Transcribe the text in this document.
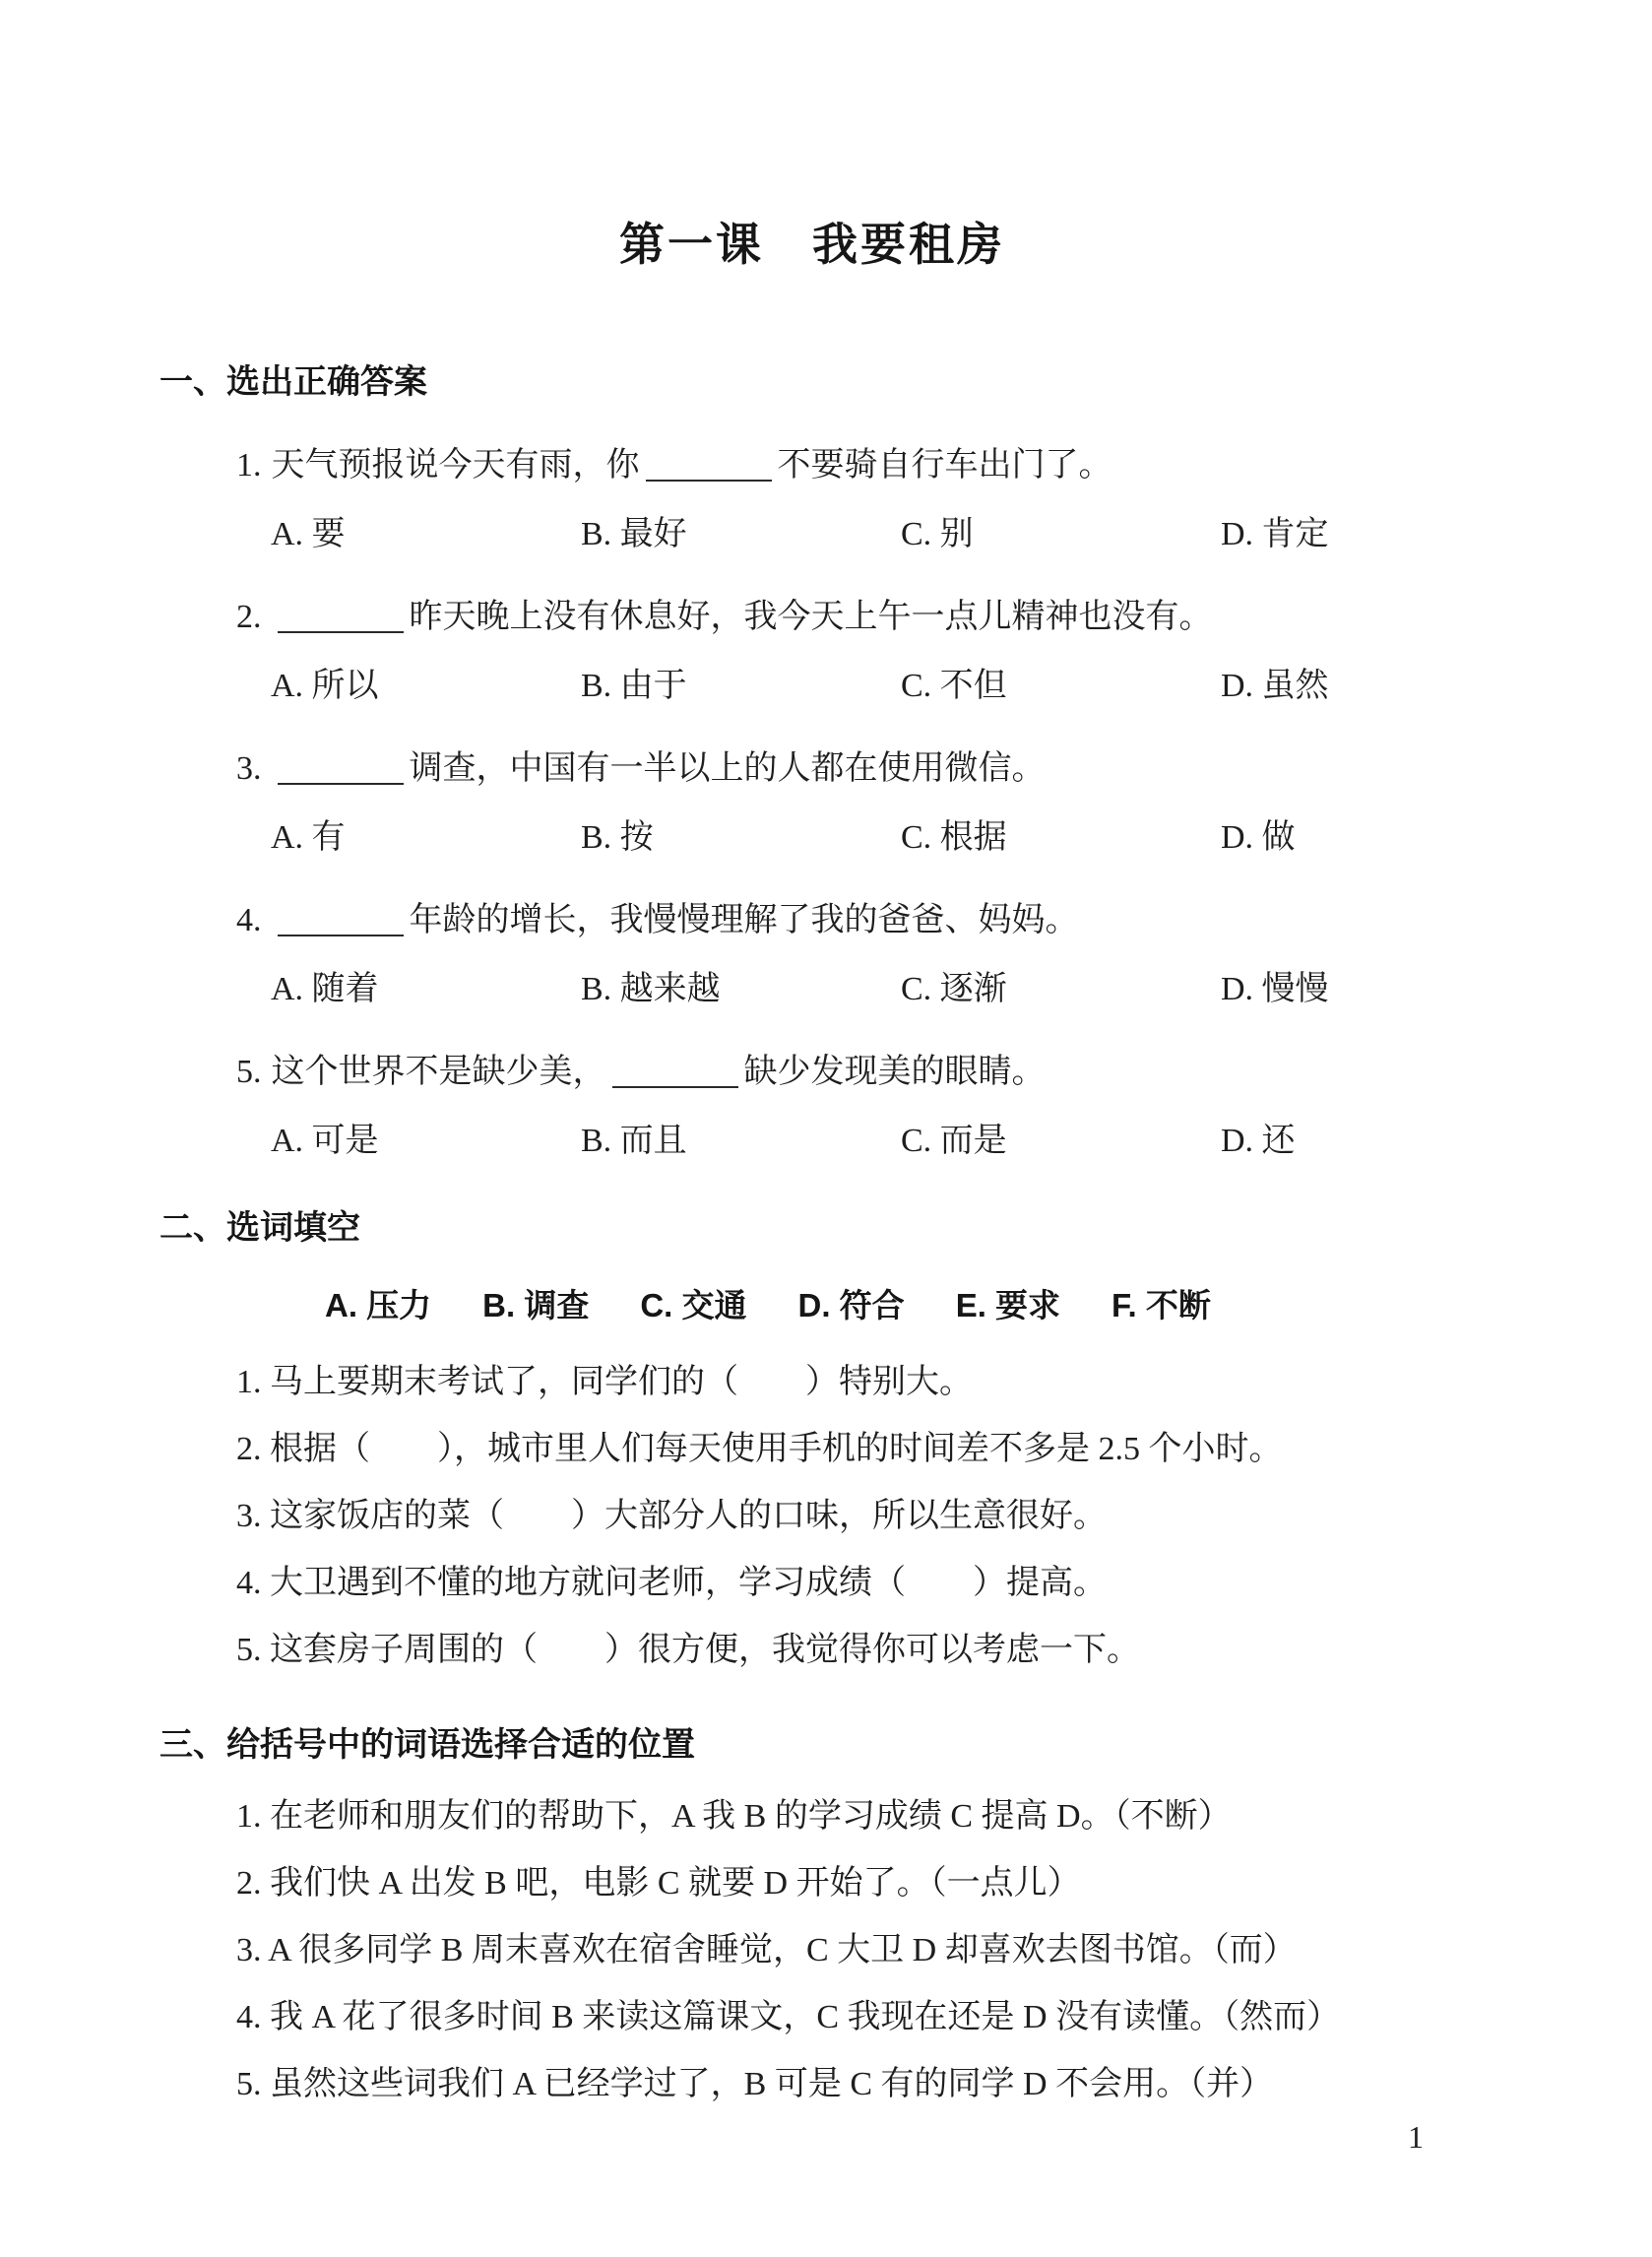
第一课　我要租房
一、选出正确答案
1. 天气预报说今天有雨，你	不要骑自行车出门了。
A. 要	B. 最好	C. 别	D. 肯定
2.	昨天晚上没有休息好，我今天上午一点儿精神也没有。
A. 所以	B. 由于	C. 不但	D. 虽然
3.	调查，中国有一半以上的人都在使用微信。
A. 有	B. 按	C. 根据	D. 做
4.	年龄的增长，我慢慢理解了我的爸爸、妈妈。
A. 随着	B. 越来越	C. 逐渐	D. 慢慢
5. 这个世界不是缺少美，	缺少发现美的眼睛。
A. 可是	B. 而且	C. 而是	D. 还
二、选词填空
A. 压力 B. 调查 C. 交通 D. 符合 E. 要求 F. 不断
1. 马上要期末考试了，同学们的（　　）特别大。
2. 根据（　　），城市里人们每天使用手机的时间差不多是 2.5 个小时。
3. 这家饭店的菜（　　）大部分人的口味，所以生意很好。
4. 大卫遇到不懂的地方就问老师，学习成绩（　　）提高。
5. 这套房子周围的（　　）很方便，我觉得你可以考虑一下。
三、给括号中的词语选择合适的位置
1. 在老师和朋友们的帮助下，A 我 B 的学习成绩 C 提高 D。（不断）
2. 我们快 A 出发 B 吧，电影 C 就要 D 开始了。（一点儿）
3. A 很多同学 B 周末喜欢在宿舍睡觉，C 大卫 D 却喜欢去图书馆。（而）
4. 我 A 花了很多时间 B 来读这篇课文，C 我现在还是 D 没有读懂。（然而）
5. 虽然这些词我们 A 已经学过了，B 可是 C 有的同学 D 不会用。（并）
1
